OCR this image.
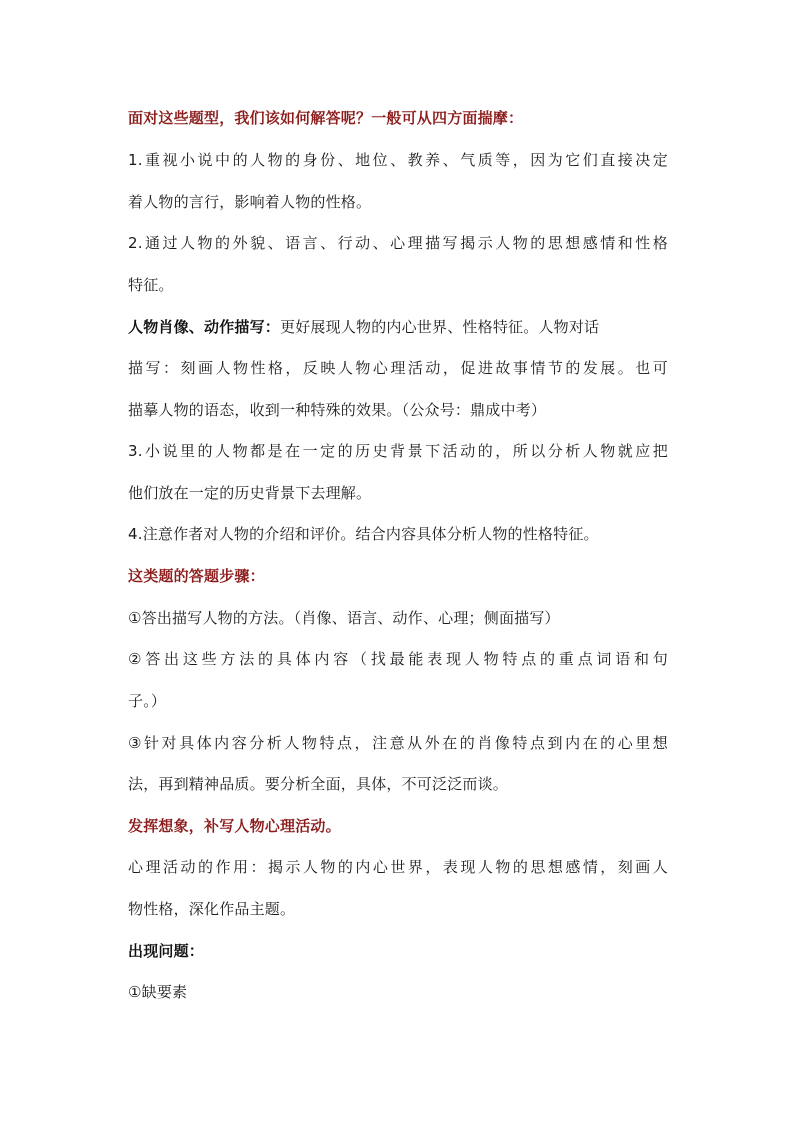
面对这些题型，我们该如何解答呢？一般可从四方面揣摩：
1.重视小说中的人物的身份、地位、教养、气质等，因为它们直接决定
着人物的言行，影响着人物的性格。
2.通过人物的外貌、语言、行动、心理描写揭示人物的思想感情和性格
特征。
人物肖像、动作描写：更好展现人物的内心世界、性格特征。人物对话
描写：刻画人物性格，反映人物心理活动，促进故事情节的发展。也可
描摹人物的语态，收到一种特殊的效果。（公众号：鼎成中考）
3.小说里的人物都是在一定的历史背景下活动的，所以分析人物就应把
他们放在一定的历史背景下去理解。
4.注意作者对人物的介绍和评价。结合内容具体分析人物的性格特征。
这类题的答题步骤：
①答出描写人物的方法。（肖像、语言、动作、心理；侧面描写）
②答出这些方法的具体内容（找最能表现人物特点的重点词语和句
子。）
③针对具体内容分析人物特点，注意从外在的肖像特点到内在的心里想
法，再到精神品质。要分析全面，具体，不可泛泛而谈。
发挥想象，补写人物心理活动。
心理活动的作用：揭示人物的内心世界，表现人物的思想感情，刻画人
物性格，深化作品主题。
出现问题：
①缺要素
